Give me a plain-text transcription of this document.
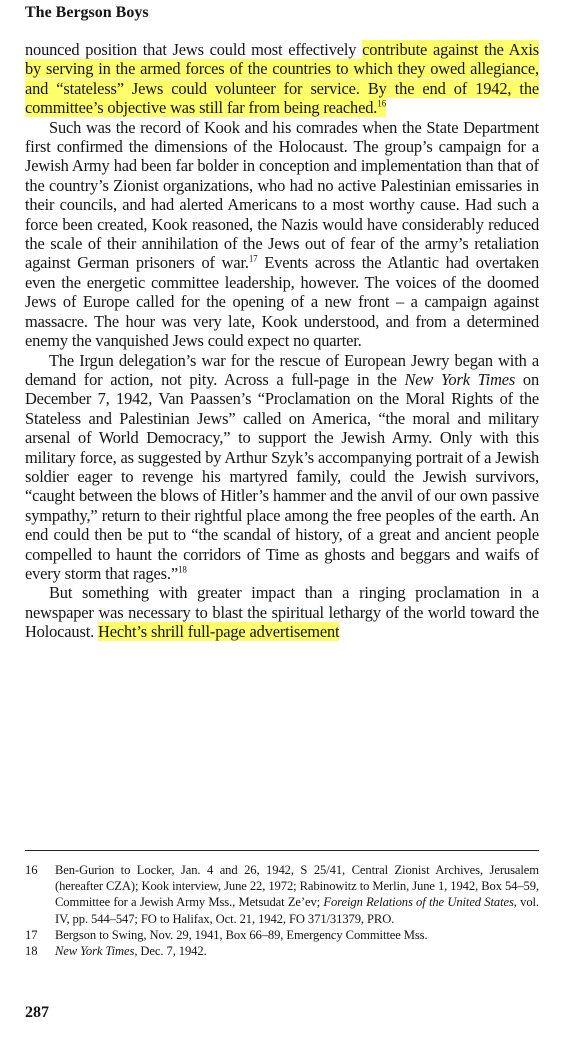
The Bergson Boys

nounced position that Jews could most effectively contribute against the Axis by serving in the armed forces of the countries to which they owed allegiance, and “stateless” Jews could volunteer for service. By the end of 1942, the committee’s objective was still far from being reached.$^{16}$

Such was the record of Kook and his comrades when the State Department first confirmed the dimensions of the Holocaust. The group’s campaign for a Jewish Army had been far bolder in conception and implementation than that of the country’s Zionist organizations, who had no active Palestinian emissaries in their councils, and had alerted Americans to a most worthy cause. Had such a force been created, Kook reasoned, the Nazis would have considerably reduced the scale of their annihilation of the Jews out of fear of the army’s retaliation against German prisoners of war.$^{17}$ Events across the Atlantic had overtaken even the energetic committee leadership, however. The voices of the doomed Jews of Europe called for the opening of a new front – a campaign against massacre. The hour was very late, Kook understood, and from a determined enemy the vanquished Jews could expect no quarter.

The Irgun delegation’s war for the rescue of European Jewry began with a demand for action, not pity. Across a full-page in the New York Times on December 7, 1942, Van Paassen’s “Proclamation on the Moral Rights of the Stateless and Palestinian Jews” called on America, “the moral and military arsenal of World Democracy,” to support the Jewish Army. Only with this military force, as suggested by Arthur Szyk’s accompanying portrait of a Jewish soldier eager to revenge his martyred family, could the Jewish survivors, “caught between the blows of Hitler’s hammer and the anvil of our own passive sympathy,” return to their rightful place among the free peoples of the earth. An end could then be put to “the scandal of history, of a great and ancient people compelled to haunt the corridors of Time as ghosts and beggars and waifs of every storm that rages.”$^{18}$

But something with greater impact than a ringing proclamation in a newspaper was necessary to blast the spiritual lethargy of the world toward the Holocaust. Hecht’s shrill full-page advertisement

16 Ben-Gurion to Locker, Jan. 4 and 26, 1942, S 25/41, Central Zionist Archives, Jerusalem (hereafter CZA); Kook interview, June 22, 1972; Rabinowitz to Merlin, June 1, 1942, Box 54–59, Committee for a Jewish Army Mss., Metsudat Ze’ev; Foreign Relations of the United States, vol. IV, pp. 544–547; FO to Halifax, Oct. 21, 1942, FO 371/31379, PRO.

17 Bergson to Swing, Nov. 29, 1941, Box 66–89, Emergency Committee Mss.

18 New York Times, Dec. 7, 1942.

287
